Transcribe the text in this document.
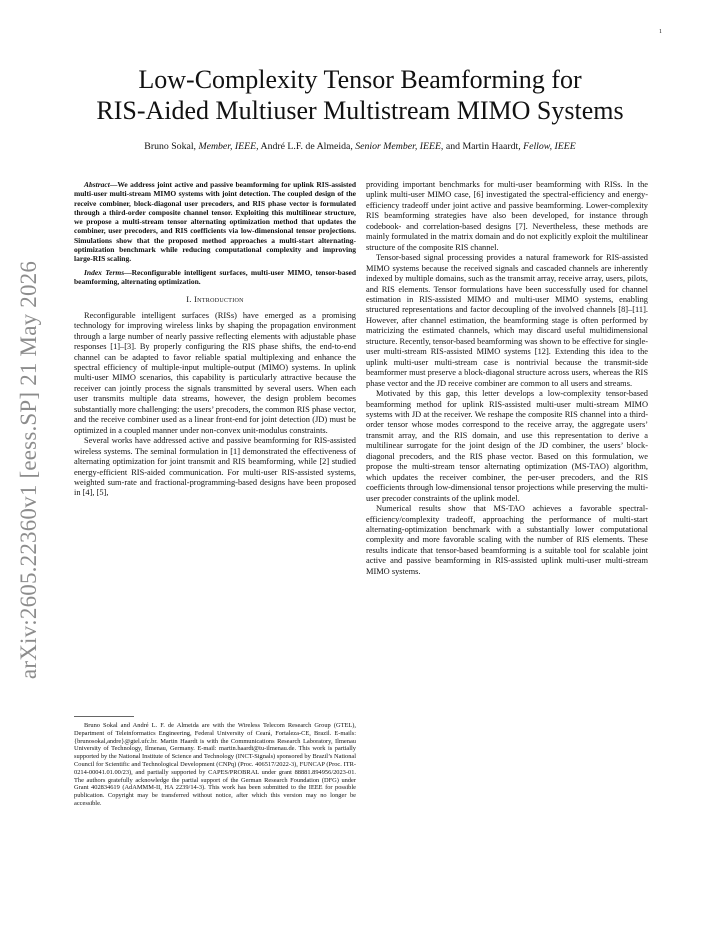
1
arXiv:2605.22360v1 [eess.SP] 21 May 2026
Low-Complexity Tensor Beamforming for
RIS-Aided Multiuser Multistream MIMO Systems
Bruno Sokal, Member, IEEE, André L.F. de Almeida, Senior Member, IEEE, and Martin Haardt, Fellow, IEEE

Abstract—We address joint active and passive beamforming for uplink RIS-assisted multi-user multi-stream MIMO systems with joint detection. The coupled design of the receive combiner, block-diagonal user precoders, and RIS phase vector is formulated through a third-order composite channel tensor. Exploiting this multilinear structure, we propose a multi-stream tensor alternating optimization method that updates the combiner, user precoders, and RIS coefficients via low-dimensional tensor projections. Simulations show that the proposed method approaches a multi-start alternating-optimization benchmark while reducing computational complexity and improving large-RIS scaling.

Index Terms—Reconfigurable intelligent surfaces, multi-user MIMO, tensor-based beamforming, alternating optimization.

I. Introduction

Reconfigurable intelligent surfaces (RISs) have emerged as a promising technology for improving wireless links by shaping the propagation environment through a large number of nearly passive reflecting elements with adjustable phase responses [1]–[3]. By properly configuring the RIS phase shifts, the end-to-end channel can be adapted to favor reliable spatial multiplexing and enhance the spectral efficiency of multiple-input multiple-output (MIMO) systems. In uplink multi-user MIMO scenarios, this capability is particularly attractive because the receiver can jointly process the signals transmitted by several users. When each user transmits multiple data streams, however, the design problem becomes substantially more challenging: the users’ precoders, the common RIS phase vector, and the receive combiner used as a linear front-end for joint detection (JD) must be optimized in a coupled manner under non-convex unit-modulus constraints.

Several works have addressed active and passive beamforming for RIS-assisted wireless systems. The seminal formulation in [1] demonstrated the effectiveness of alternating optimization for joint transmit and RIS beamforming, while [2] studied energy-efficient RIS-aided communication. For multi-user RIS-assisted systems, weighted sum-rate and fractional-programming-based designs have been proposed in [4], [5],

Bruno Sokal and André L. F. de Almeida are with the Wireless Telecom Research Group (GTEL), Department of Teleinformatics Engineering, Federal University of Ceará, Fortaleza-CE, Brazil. E-mails: {brunosokal,andre}@gtel.ufc.br. Martin Haardt is with the Communications Research Laboratory, Ilmenau University of Technology, Ilmenau, Germany. E-mail: martin.haardt@tu-ilmenau.de. This work is partially supported by the National Institute of Science and Technology (INCT-Signals) sponsored by Brazil’s National Council for Scientific and Technological Development (CNPq) (Proc. 406517/2022-3), FUNCAP (Proc. ITR-0214-00041.01.00/23), and partially supported by CAPES/PROBRAL under grant 88881.894956/2023-01. The authors gratefully acknowledge the partial support of the German Research Foundation (DFG) under Grant 402834619 (AdAMMM-II, HA 2239/14-3). This work has been submitted to the IEEE for possible publication. Copyright may be transferred without notice, after which this version may no longer be accessible.

providing important benchmarks for multi-user beamforming with RISs. In the uplink multi-user MIMO case, [6] investigated the spectral-efficiency and energy-efficiency tradeoff under joint active and passive beamforming. Lower-complexity RIS beamforming strategies have also been developed, for instance through codebook- and correlation-based designs [7]. Nevertheless, these methods are mainly formulated in the matrix domain and do not explicitly exploit the multilinear structure of the composite RIS channel.

Tensor-based signal processing provides a natural framework for RIS-assisted MIMO systems because the received signals and cascaded channels are inherently indexed by multiple domains, such as the transmit array, receive array, users, pilots, and RIS elements. Tensor formulations have been successfully used for channel estimation in RIS-assisted MIMO and multi-user MIMO systems, enabling structured representations and factor decoupling of the involved channels [8]–[11]. However, after channel estimation, the beamforming stage is often performed by matricizing the estimated channels, which may discard useful multidimensional structure. Recently, tensor-based beamforming was shown to be effective for single-user multi-stream RIS-assisted MIMO systems [12]. Extending this idea to the uplink multi-user multi-stream case is nontrivial because the transmit-side beamformer must preserve a block-diagonal structure across users, whereas the RIS phase vector and the JD receive combiner are common to all users and streams.

Motivated by this gap, this letter develops a low-complexity tensor-based beamforming method for uplink RIS-assisted multi-user multi-stream MIMO systems with JD at the receiver. We reshape the composite RIS channel into a third-order tensor whose modes correspond to the receive array, the aggregate users’ transmit array, and the RIS domain, and use this representation to derive a multilinear surrogate for the joint design of the JD combiner, the users’ block-diagonal precoders, and the RIS phase vector. Based on this formulation, we propose the multi-stream tensor alternating optimization (MS-TAO) algorithm, which updates the receiver combiner, the per-user precoders, and the RIS coefficients through low-dimensional tensor projections while preserving the multi-user precoder constraints of the uplink model.

Numerical results show that MS-TAO achieves a favorable spectral-efficiency/complexity tradeoff, approaching the performance of multi-start alternating-optimization benchmark with a substantially lower computational complexity and more favorable scaling with the number of RIS elements. These results indicate that tensor-based beamforming is a suitable tool for scalable joint active and passive beamforming in RIS-assisted uplink multi-user multi-stream MIMO systems.
